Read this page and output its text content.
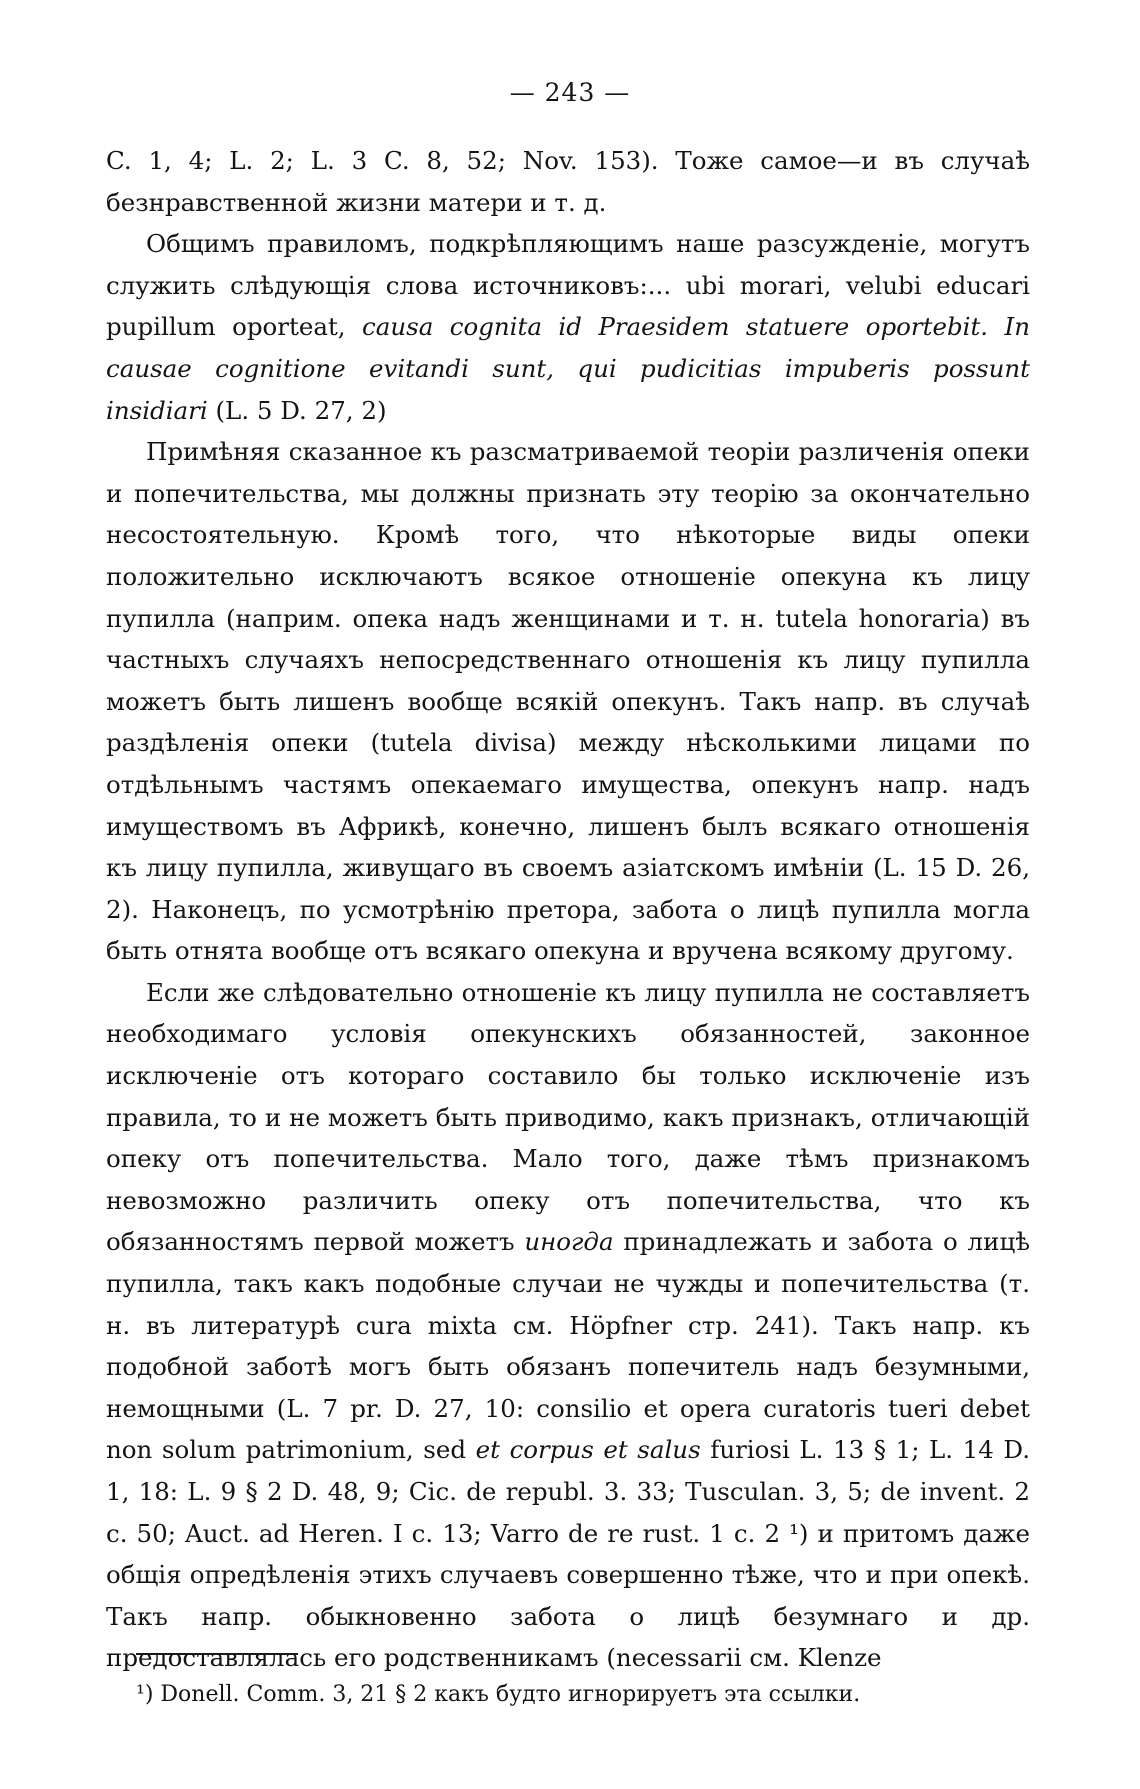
— 243 —

C. 1, 4; L. 2; L. 3 C. 8, 52; Nov. 153). Тоже самое—и въ случаѣ безнравственной жизни матери и т. д.

Общимъ правиломъ, подкрѣпляющимъ наше разсужденіе, могутъ служить слѣдующія слова источниковъ:... ubi morari, velubi educari pupillum oporteat, causa cognita id Praesidem statuere oportebit. In causae cognitione evitandi sunt, qui pudicitias impuberis possunt insidiari (L. 5 D. 27, 2)

Примѣняя сказанное къ разсматриваемой теоріи различенія опеки и попечительства, мы должны признать эту теорію за окончательно несостоятельную. Кромѣ того, что нѣкоторые виды опеки положительно исключаютъ всякое отношеніе опекуна къ лицу пупилла (наприм. опека надъ женщинами и т. н. tutela honoraria) въ частныхъ случаяхъ непосредственнаго отношенія къ лицу пупилла можетъ быть лишенъ вообще всякій опекунъ. Такъ напр. въ случаѣ раздѣленія опеки (tutela divisa) между нѣсколькими лицами по отдѣльнымъ частямъ опекаемаго имущества, опекунъ напр. надъ имуществомъ въ Африкѣ, конечно, лишенъ былъ всякаго отношенія къ лицу пупилла, живущаго въ своемъ азіатскомъ имѣніи (L. 15 D. 26, 2). Наконецъ, по усмотрѣнію претора, забота о лицѣ пупилла могла быть отнята вообще отъ всякаго опекуна и вручена всякому другому.

Если же слѣдовательно отношеніе къ лицу пупилла не составляетъ необходимаго условія опекунскихъ обязанностей, законное исключеніе отъ котораго составило бы только исключеніе изъ правила, то и не можетъ быть приводимо, какъ признакъ, отличающій опеку отъ попечительства. Мало того, даже тѣмъ признакомъ невозможно различить опеку отъ попечительства, что къ обязанностямъ первой можетъ иногда принадлежать и забота о лицѣ пупилла, такъ какъ подобные случаи не чужды и попечительства (т. н. въ литературѣ cura mixta см. Höpfner стр. 241). Такъ напр. къ подобной заботѣ могъ быть обязанъ попечитель надъ безумными, немощными (L. 7 pr. D. 27, 10: consilio et opera curatoris tueri debet non solum patrimonium, sed et corpus et salus furiosi L. 13 § 1; L. 14 D. 1, 18: L. 9 § 2 D. 48, 9; Cic. de republ. 3. 33; Tusculan. 3, 5; de invent. 2 c. 50; Auct. ad Heren. I c. 13; Varro de re rust. 1 c. 2 ¹) и притомъ даже общія опредѣленія этихъ случаевъ совершенно тѣже, что и при опекѣ. Такъ напр. обыкновенно забота о лицѣ безумнаго и др. предоставлялась его родственникамъ (necessarii см. Klenze

¹) Donell. Comm. 3, 21 § 2 какъ будто игнорируетъ эта ссылки.
